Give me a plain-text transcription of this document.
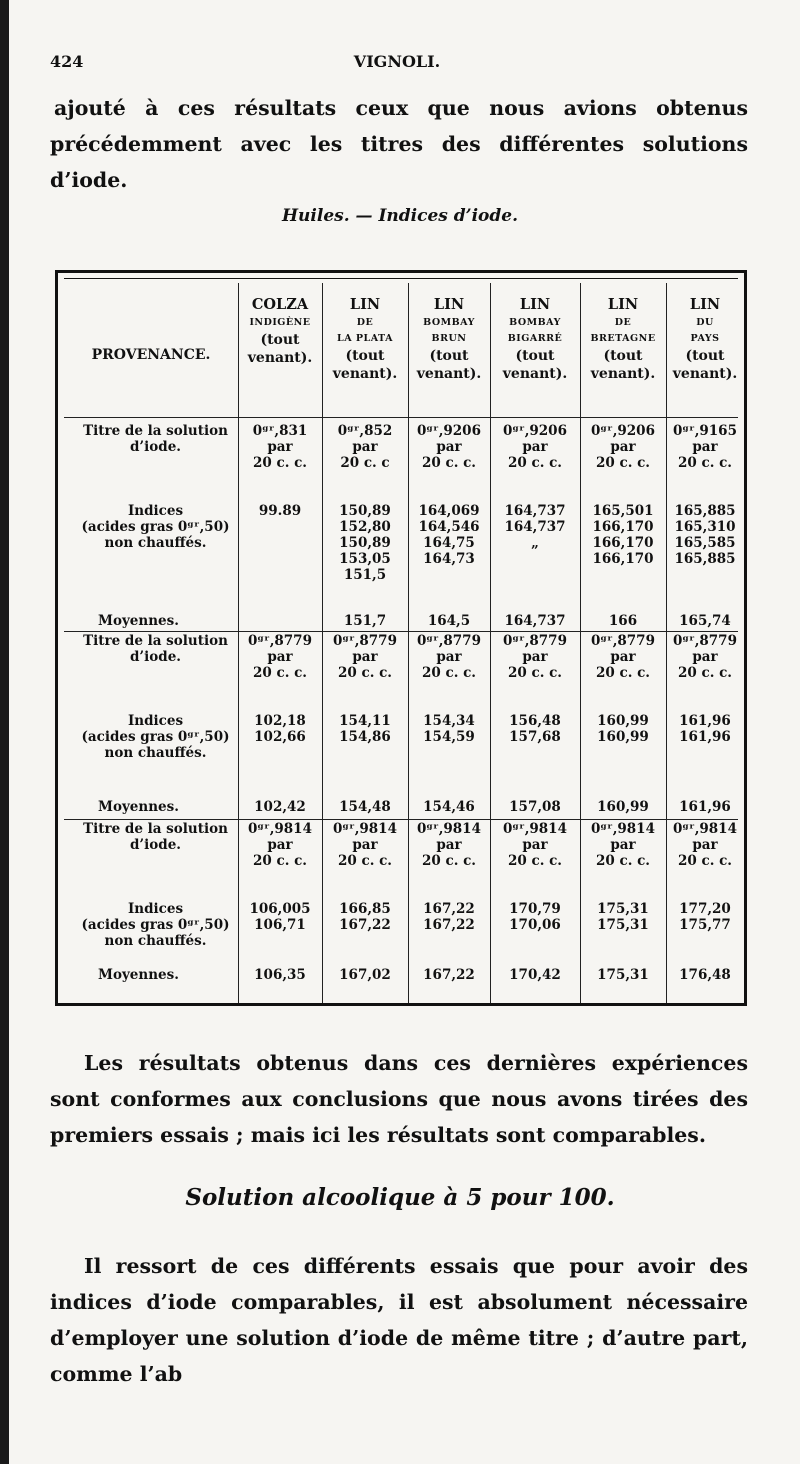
424	VIGNOLI.
ajouté à ces résultats ceux que nous avions obtenus précédemment avec les titres des différentes solutions d’iode.
Huiles. — Indices d’iode.
PROVENANCE.
COLZA
INDIGÈNE
(tout venant).
LIN
DE
LA PLATA
(tout venant).
LIN
BOMBAY
BRUN
(tout venant).
LIN
BOMBAY
BIGARRÉ
(tout venant).
LIN
DE
BRETAGNE
(tout venant).
LIN
DU
PAYS
(tout venant).
Titre de la solution
d’iode.
Indices
(acides gras 0ᵍʳ,50)
non chauffés.
Moyennes.
0ᵍʳ,831
par
20 c. c.
99.89
0ᵍʳ,852
par
20 c. c
150,89
152,80
150,89
153,05
151,5
151,7
0ᵍʳ,9206
par
20 c. c.
164,069
164,546
164,75
164,73
164,5
0ᵍʳ,9206
par
20 c. c.
164,737
164,737
„
164,737
0ᵍʳ,9206
par
20 c. c.
165,501
166,170
166,170
166,170
166
0ᵍʳ,9165
par
20 c. c.
165,885
165,310
165,585
165,885
165,74
Titre de la solution
d’iode.
Indices
(acides gras 0ᵍʳ,50)
non chauffés.
Moyennes.
0ᵍʳ,8779
par
20 c. c.
102,18
102,66
102,42
0ᵍʳ,8779
par
20 c. c.
154,11
154,86
154,48
0ᵍʳ,8779
par
20 c. c.
154,34
154,59
154,46
0ᵍʳ,8779
par
20 c. c.
156,48
157,68
157,08
0ᵍʳ,8779
par
20 c. c.
160,99
160,99
160,99
0ᵍʳ,8779
par
20 c. c.
161,96
161,96
161,96
Titre de la solution
d’iode.
Indices
(acides gras 0ᵍʳ,50)
non chauffés.
Moyennes.
0ᵍʳ,9814
par
20 c. c.
106,005
106,71
106,35
0ᵍʳ,9814
par
20 c. c.
166,85
167,22
167,02
0ᵍʳ,9814
par
20 c. c.
167,22
167,22
167,22
0ᵍʳ,9814
par
20 c. c.
170,79
170,06
170,42
0ᵍʳ,9814
par
20 c. c.
175,31
175,31
175,31
0ᵍʳ,9814
par
20 c. c.
177,20
175,77
176,48
Les résultats obtenus dans ces dernières expériences sont conformes aux conclusions que nous avons tirées des premiers essais ; mais ici les résultats sont comparables.
Solution alcoolique à 5 pour 100.
Il ressort de ces différents essais que pour avoir des indices d’iode comparables, il est absolument nécessaire d’employer une solution d’iode de même titre ; d’autre part, comme l’ab
